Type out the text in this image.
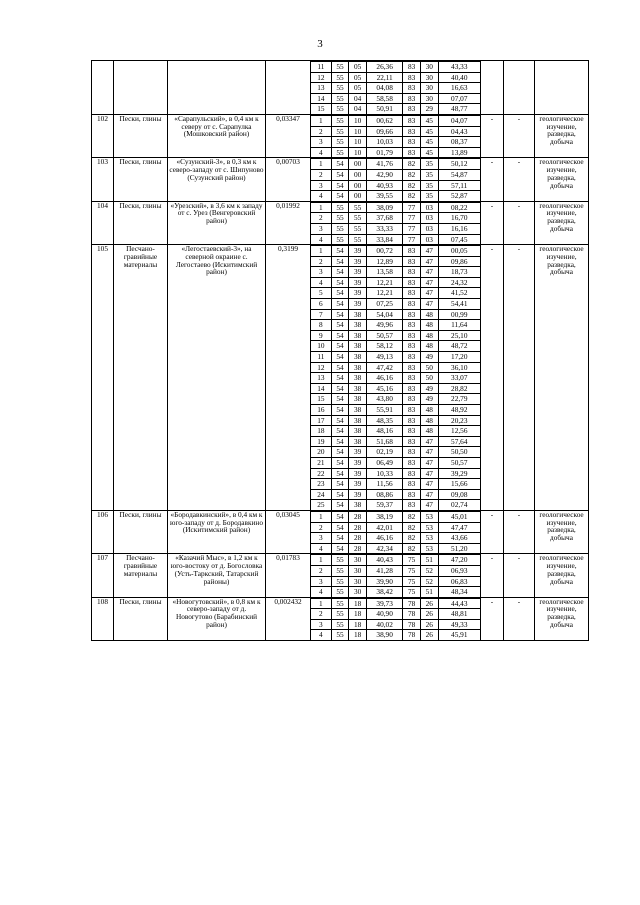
3

11	55	05	26,36	83	30	43,33
12	55	05	22,11	83	30	40,40
13	55	05	04,08	83	30	16,63
14	55	04	58,58	83	30	07,07
15	55	04	50,91	83	29	48,77

102	Пески, глины	«Сарапульский», в 0,4 км к северу от с. Сарапулка (Мошковский район)	0,03347		1	55	10	00,62	83	45	04,07
2	55	10	09,66	83	45	04,43
3	55	10	10,03	83	45	08,37
4	55	10	01,79	83	45	13,89
	-	-	геологическое изучение, разведка, добыча
103	Пески, глины	«Сузунский-3», в 0,3 км к северо-западу от с. Шипуново (Сузунский район)	0,00703		1	54	00	41,76	82	35	50,12
2	54	00	42,90	82	35	54,87
3	54	00	40,93	82	35	57,11
4	54	00	39,55	82	35	52,87
	-	-	геологическое изучение, разведка, добыча
104	Пески, глины	«Урезский», в 3,6 км к западу от с. Урез (Венгеровский район)	0,01992		1	55	55	38,09	77	03	08,22
2	55	55	37,68	77	03	16,70
3	55	55	33,33	77	03	16,16
4	55	55	33,84	77	03	07,45
	-	-	геологическое изучение, разведка, добыча
105	Песчано-гравийные материалы	«Легостаевский-3», на северной окраине с. Легостаево (Искитимский район)	0,3199		1	54	39	00,72	83	47	00,05
2	54	39	12,89	83	47	09,86
3	54	39	13,58	83	47	18,73
4	54	39	12,21	83	47	24,32
5	54	39	12,21	83	47	41,52
6	54	39	07,25	83	47	54,41
7	54	38	54,04	83	48	00,99
8	54	38	49,96	83	48	11,64
9	54	38	50,57	83	48	25,10
10	54	38	58,12	83	48	48,72
11	54	38	49,13	83	49	17,20
12	54	38	47,42	83	50	36,10
13	54	38	46,16	83	50	33,07
14	54	38	45,16	83	49	28,82
15	54	38	43,80	83	49	22,79
16	54	38	55,91	83	48	48,92
17	54	38	48,35	83	48	20,23
18	54	38	48,16	83	48	12,56
19	54	38	51,68	83	47	57,64
20	54	39	02,19	83	47	50,50
21	54	39	06,49	83	47	50,57
22	54	39	10,33	83	47	39,29
23	54	39	11,56	83	47	15,66
24	54	39	08,86	83	47	09,08
25	54	38	59,37	83	47	02,74
	-	-	геологическое изучение, разведка, добыча
106	Пески, глины	«Бородавкинский», в 0,4 км к юго-западу от д. Бородавкино (Искитимский район)	0,03045		1	54	28	38,19	82	53	45,01
2	54	28	42,01	82	53	47,47
3	54	28	46,16	82	53	43,66
4	54	28	42,34	82	53	51,20
	-	-	геологическое изучение, разведка, добыча
107	Песчано-гравийные материалы	«Казачий Мыс», в 1,2 км к юго-востоку от д. Богословка (Усть-Таркский, Татарский районы)	0,01783		1	55	30	40,43	75	51	47,20
2	55	30	41,28	75	52	06,93
3	55	30	39,90	75	52	06,83
4	55	30	38,42	75	51	48,34
	-	-	геологическое изучение, разведка, добыча
108	Пески, глины	«Новогутовский», в 0,8 км к северо-западу от д. Новогутово (Барабинский район)	0,002432	1	55	18	39,73	78	26	44,43
2	55	18	40,90	78	26	48,81
3	55	18	40,02	78	26	49,33
4	55	18	38,90	78	26	45,91
	-	-	геологическое изучение, разведка, добыча
